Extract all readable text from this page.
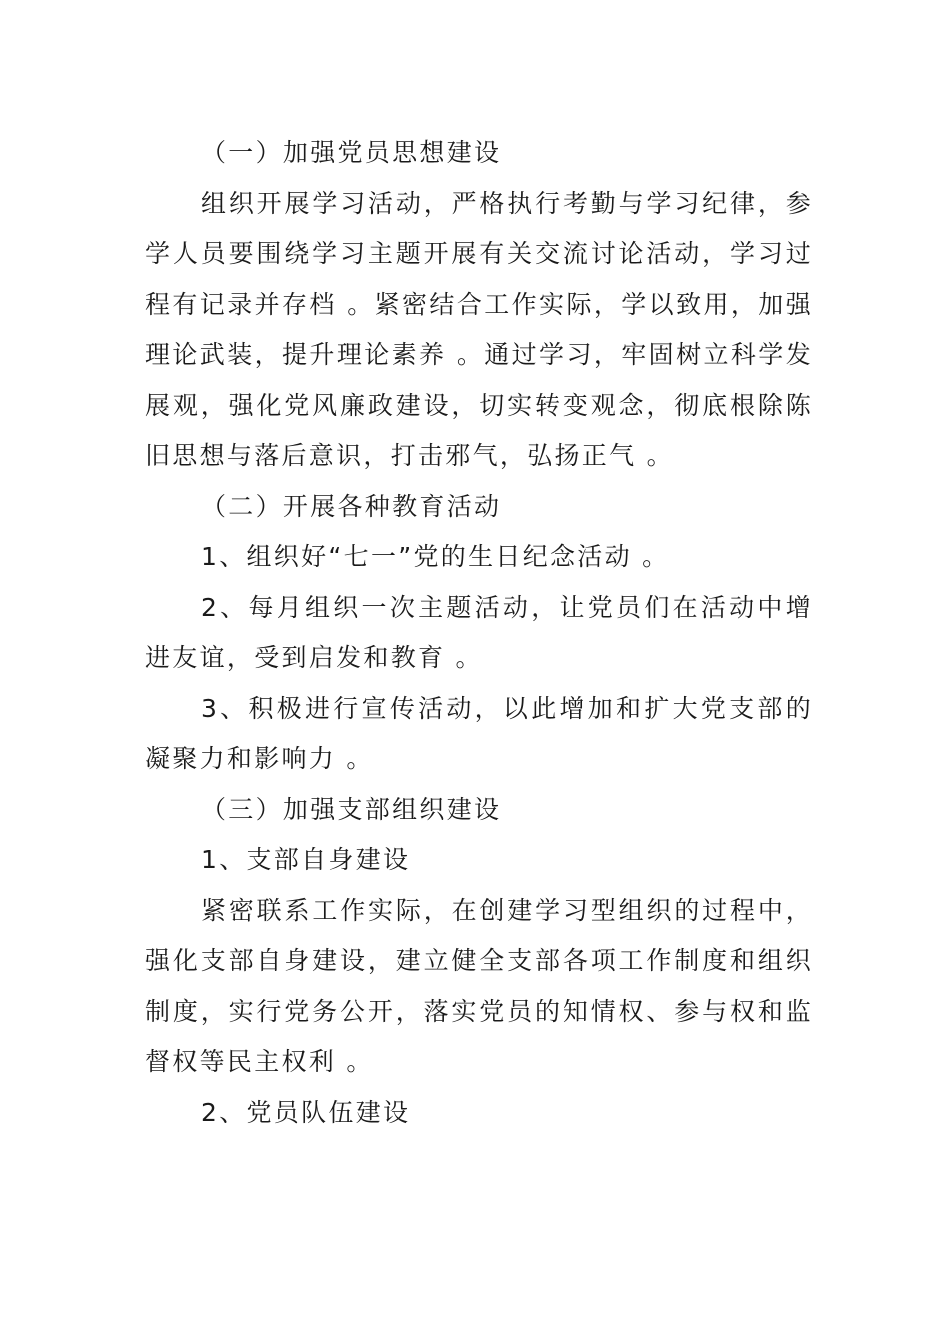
（一）加强党员思想建设

组织开展学习活动，严格执行考勤与学习纪律，参学人员要围绕学习主题开展有关交流讨论活动，学习过程有记录并存档 。紧密结合工作实际，学以致用，加强理论武装，提升理论素养 。通过学习，牢固树立科学发展观，强化党风廉政建设，切实转变观念，彻底根除陈旧思想与落后意识，打击邪气，弘扬正气 。

（二）开展各种教育活动

1、组织好“七一”党的生日纪念活动 。

2、每月组织一次主题活动，让党员们在活动中增进友谊，受到启发和教育 。

3、积极进行宣传活动，以此增加和扩大党支部的凝聚力和影响力 。

（三）加强支部组织建设

1、支部自身建设

紧密联系工作实际，在创建学习型组织的过程中，强化支部自身建设，建立健全支部各项工作制度和组织制度，实行党务公开，落实党员的知情权、参与权和监督权等民主权利 。

2、党员队伍建设
